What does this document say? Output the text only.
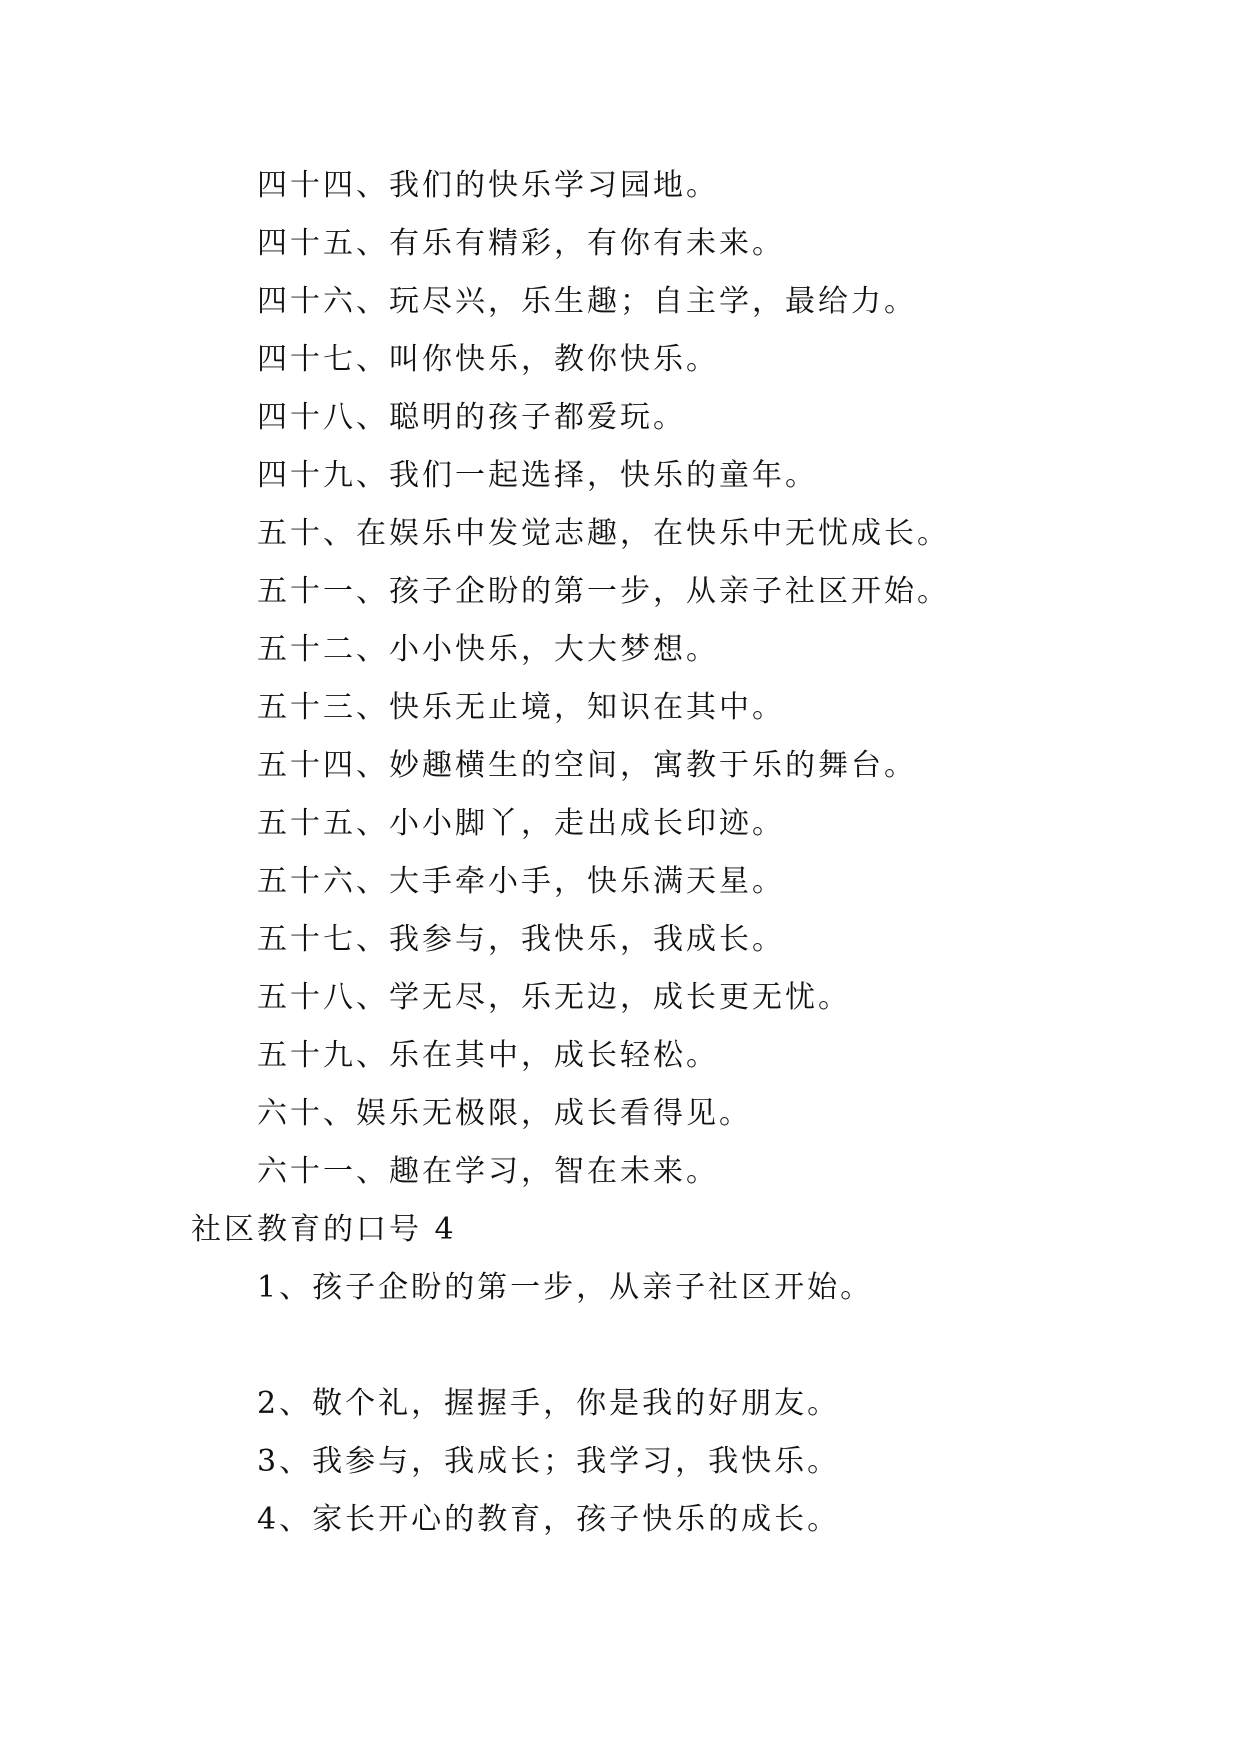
四十四、我们的快乐学习园地。
四十五、有乐有精彩，有你有未来。
四十六、玩尽兴，乐生趣；自主学，最给力。
四十七、叫你快乐，教你快乐。
四十八、聪明的孩子都爱玩。
四十九、我们一起选择，快乐的童年。
五十、在娱乐中发觉志趣，在快乐中无忧成长。
五十一、孩子企盼的第一步，从亲子社区开始。
五十二、小小快乐，大大梦想。
五十三、快乐无止境，知识在其中。
五十四、妙趣横生的空间，寓教于乐的舞台。
五十五、小小脚丫，走出成长印迹。
五十六、大手牵小手，快乐满天星。
五十七、我参与，我快乐，我成长。
五十八、学无尽，乐无边，成长更无忧。
五十九、乐在其中，成长轻松。
六十、娱乐无极限，成长看得见。
六十一、趣在学习，智在未来。
社区教育的口号 4
1、孩子企盼的第一步，从亲子社区开始。
2、敬个礼，握握手，你是我的好朋友。
3、我参与，我成长；我学习，我快乐。
4、家长开心的教育，孩子快乐的成长。
